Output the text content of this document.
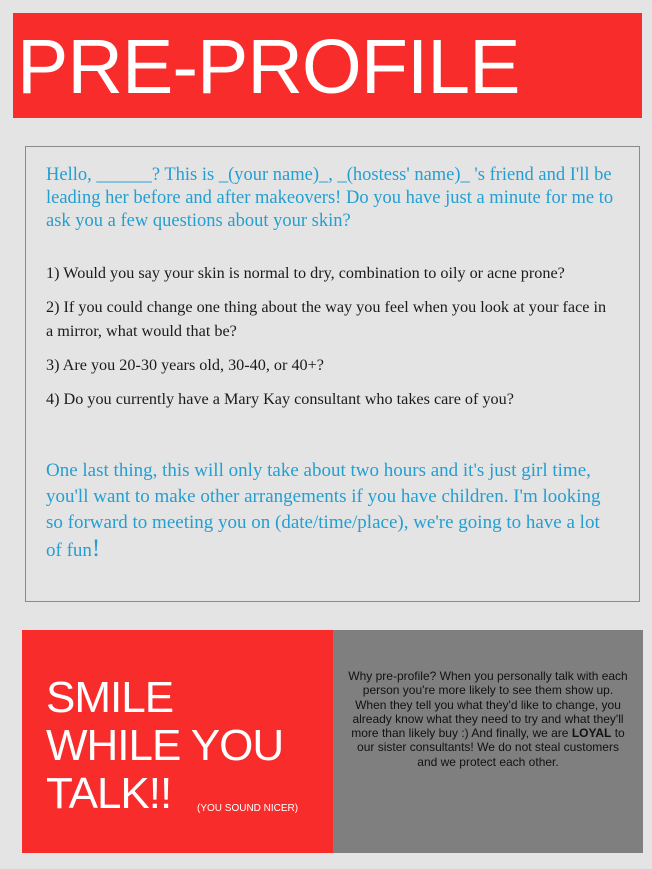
PRE-PROFILE
Hello, ______? This is _(your name)_, _(hostess' name)_ 's friend and I'll be leading her before and after makeovers! Do you have just a minute for me to ask you a few questions about your skin?

1) Would you say your skin is normal to dry, combination to oily or acne prone?

2) If you could change one thing about the way you feel when you look at your face in a mirror, what would that be?

3) Are you 20-30 years old, 30-40, or 40+?

4) Do you currently have a Mary Kay consultant who takes care of you?

One last thing, this will only take about two hours and it's just girl time, you'll want to make other arrangements if you have children. I'm looking so forward to meeting you on (date/time/place), we're going to have a lot of fun!
SMILE
WHILE YOU
TALK!!	(YOU SOUND NICER)
Why pre-profile? When you personally talk with each person you're more likely to see them show up. When they tell you what they'd like to change, you already know what they need to try and what they'll more than likely buy :) And finally, we are LOYAL to our sister consultants! We do not steal customers and we protect each other.
